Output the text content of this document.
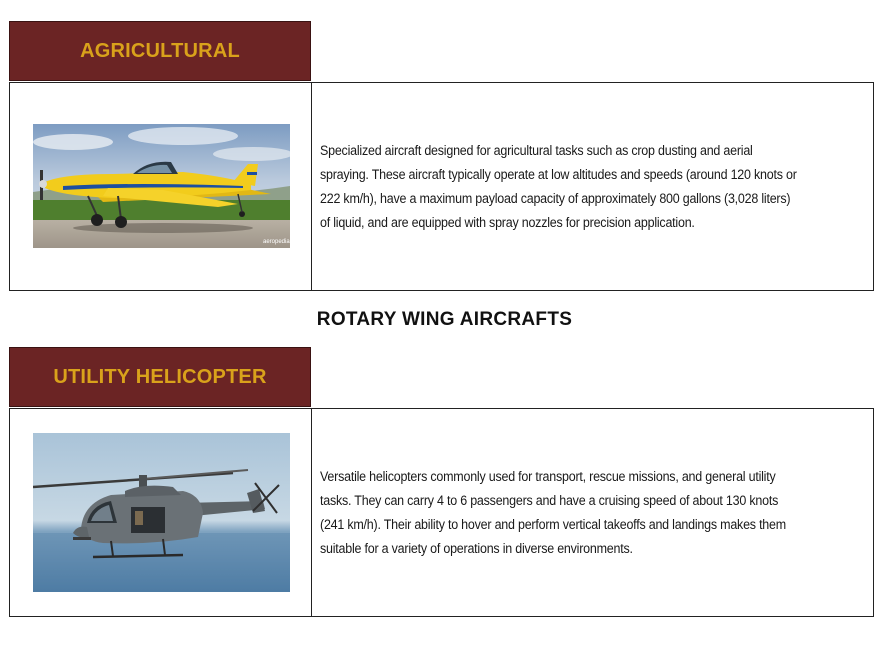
AGRICULTURAL
aeropedia

Specialized aircraft designed for agricultural tasks such as crop dusting and aerial spraying. These aircraft typically operate at low altitudes and speeds (around 120 knots or 222 km/h), have a maximum payload capacity of approximately 800 gallons (3,028 liters) of liquid, and are equipped with spray nozzles for precision application.

ROTARY WING AIRCRAFTS
UTILITY HELICOPTER

Versatile helicopters commonly used for transport, rescue missions, and general utility tasks. They can carry 4 to 6 passengers and have a cruising speed of about 130 knots (241 km/h). Their ability to hover and perform vertical takeoffs and landings makes them suitable for a variety of operations in diverse environments.
